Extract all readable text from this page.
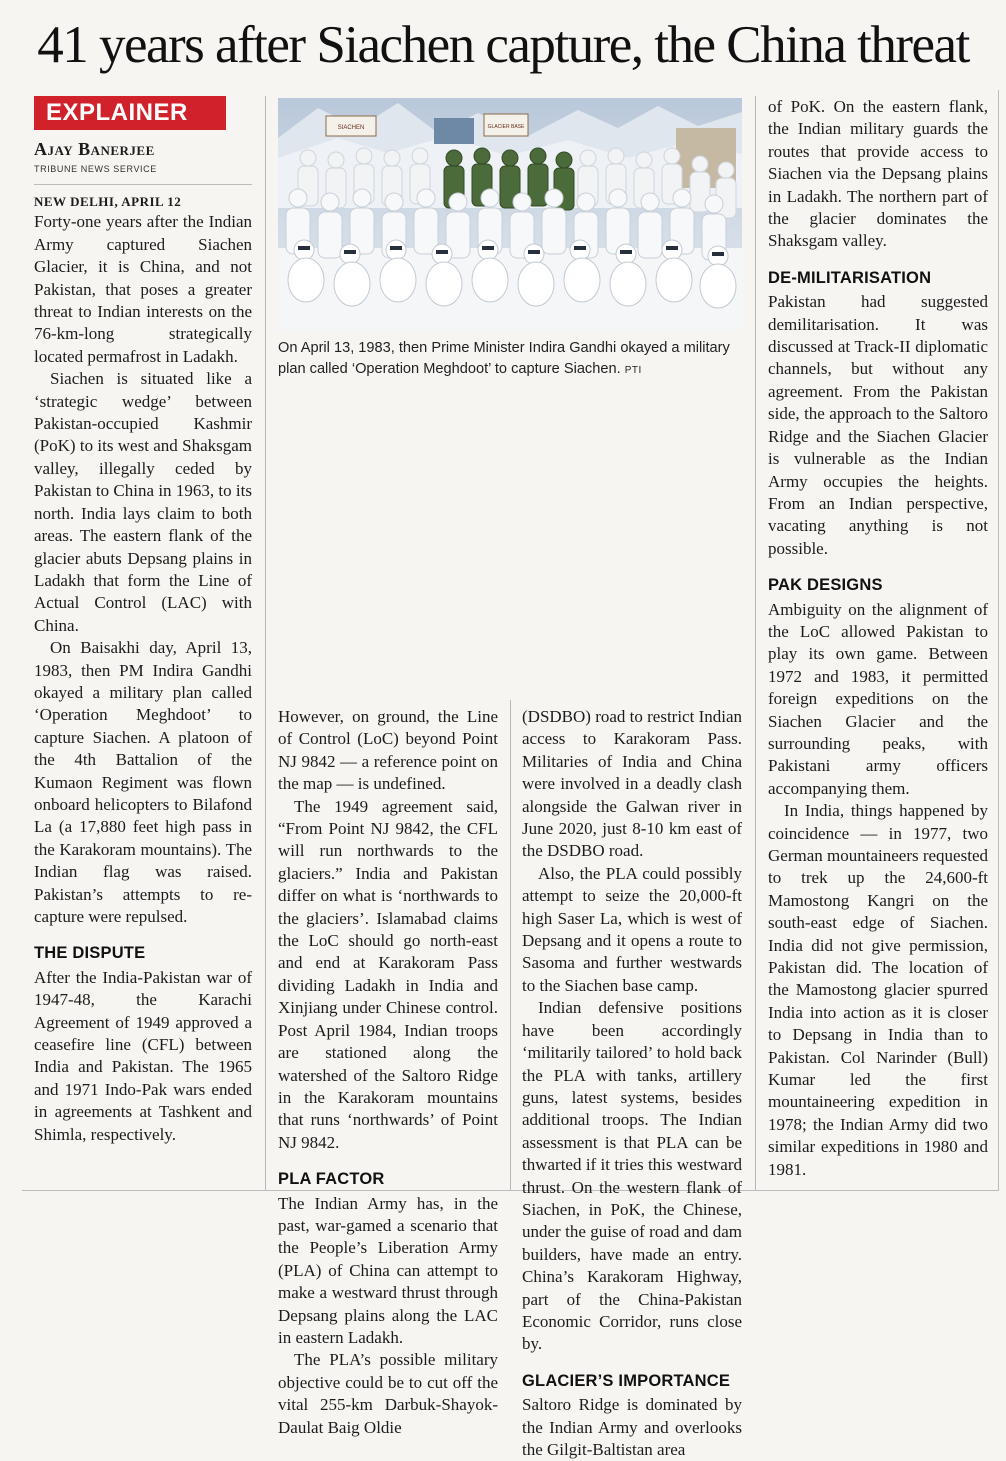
41 years after Siachen capture, the China threat
EXPLAINER
Ajay Banerjee
TRIBUNE NEWS SERVICE
NEW DELHI, APRIL 12

Forty-one years after the Indian Army captured Siachen Glacier, it is China, and not Pakistan, that poses a greater threat to Indian interests on the 76-km-long strategically located permafrost in Ladakh.

Siachen is situated like a ‘strategic wedge’ between Pakistan-occupied Kashmir (PoK) to its west and Shaksgam valley, illegally ceded by Pakistan to China in 1963, to its north. India lays claim to both areas. The eastern flank of the glacier abuts Depsang plains in Ladakh that form the Line of Actual Control (LAC) with China.

On Baisakhi day, April 13, 1983, then PM Indira Gandhi okayed a military plan called ‘Operation Meghdoot’ to capture Siachen. A platoon of the 4th Battalion of the Kumaon Regiment was flown onboard helicopters to Bilafond La (a 17,880 feet high pass in the Karakoram mountains). The Indian flag was raised. Pakistan’s attempts to re-capture were repulsed.

THE DISPUTE

After the India-Pakistan war of 1947-48, the Karachi Agreement of 1949 approved a ceasefire line (CFL) between India and Pakistan. The 1965 and 1971 Indo-Pak wars ended in agreements at Tashkent and Shimla, respectively.

SIACHEN	GLACIER BASE
On April 13, 1983, then Prime Minister Indira Gandhi okayed a military plan called ‘Operation Meghdoot’ to capture Siachen. PTI

However, on ground, the Line of Control (LoC) beyond Point NJ 9842 — a reference point on the map — is undefined.

The 1949 agreement said, “From Point NJ 9842, the CFL will run northwards to the glaciers.” India and Pakistan differ on what is ‘northwards to the glaciers’. Islamabad claims the LoC should go north-east and end at Karakoram Pass dividing Ladakh in India and Xinjiang under Chinese control. Post April 1984, Indian troops are stationed along the watershed of the Saltoro Ridge in the Karakoram mountains that runs ‘northwards’ of Point NJ 9842.

PLA FACTOR

The Indian Army has, in the past, war-gamed a scenario that the People’s Liberation Army (PLA) of China can attempt to make a westward thrust through Depsang plains along the LAC in eastern Ladakh.

The PLA’s possible military objective could be to cut off the vital 255-km Darbuk-Shayok-Daulat Baig Oldie

(DSDBO) road to restrict Indian access to Karakoram Pass. Militaries of India and China were involved in a deadly clash alongside the Galwan river in June 2020, just 8-10 km east of the DSDBO road.

Also, the PLA could possibly attempt to seize the 20,000-ft high Saser La, which is west of Depsang and it opens a route to Sasoma and further westwards to the Siachen base camp.

Indian defensive positions have been accordingly ‘militarily tailored’ to hold back the PLA with tanks, artillery guns, latest systems, besides additional troops. The Indian assessment is that PLA can be thwarted if it tries this westward thrust. On the western flank of Siachen, in PoK, the Chinese, under the guise of road and dam builders, have made an entry. China’s Karakoram Highway, part of the China-Pakistan Economic Corridor, runs close by.

GLACIER’S IMPORTANCE

Saltoro Ridge is dominated by the Indian Army and overlooks the Gilgit-Baltistan area

of PoK. On the eastern flank, the Indian military guards the routes that provide access to Siachen via the Depsang plains in Ladakh. The northern part of the glacier dominates the Shaksgam valley.

DE-MILITARISATION

Pakistan had suggested demilitarisation. It was discussed at Track-II diplomatic channels, but without any agreement. From the Pakistan side, the approach to the Saltoro Ridge and the Siachen Glacier is vulnerable as the Indian Army occupies the heights. From an Indian perspective, vacating anything is not possible.

PAK DESIGNS

Ambiguity on the alignment of the LoC allowed Pakistan to play its own game. Between 1972 and 1983, it permitted foreign expeditions on the Siachen Glacier and the surrounding peaks, with Pakistani army officers accompanying them.

In India, things happened by coincidence — in 1977, two German mountaineers requested to trek up the 24,600-ft Mamostong Kangri on the south-east edge of Siachen. India did not give permission, Pakistan did. The location of the Mamostong glacier spurred India into action as it is closer to Depsang in India than to Pakistan. Col Narinder (Bull) Kumar led the first mountaineering expedition in 1978; the Indian Army did two similar expeditions in 1980 and 1981.
